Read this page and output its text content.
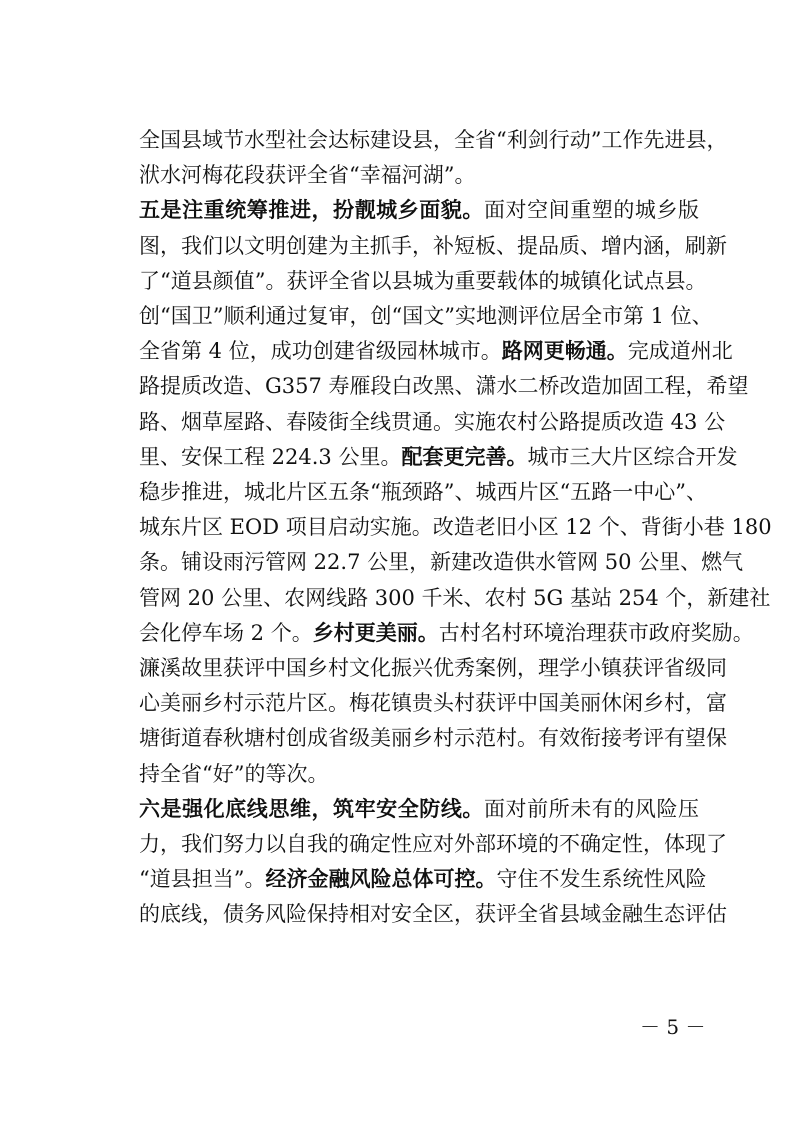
全国县域节水型社会达标建设县，全省“利剑行动”工作先进县，
洑水河梅花段获评全省“幸福河湖”。
五是注重统筹推进，扮靓城乡面貌。面对空间重塑的城乡版
图，我们以文明创建为主抓手，补短板、提品质、增内涵，刷新
了“道县颜值”。获评全省以县城为重要载体的城镇化试点县。
创“国卫”顺利通过复审，创“国文”实地测评位居全市第 1 位、
全省第 4 位，成功创建省级园林城市。路网更畅通。完成道州北
路提质改造、G357 寿雁段白改黑、潇水二桥改造加固工程，希望
路、烟草屋路、春陵街全线贯通。实施农村公路提质改造 43 公
里、安保工程 224.3 公里。配套更完善。城市三大片区综合开发
稳步推进，城北片区五条“瓶颈路”、城西片区“五路一中心”、
城东片区 EOD 项目启动实施。改造老旧小区 12 个、背街小巷 180
条。铺设雨污管网 22.7 公里，新建改造供水管网 50 公里、燃气
管网 20 公里、农网线路 300 千米、农村 5G 基站 254 个，新建社
会化停车场 2 个。乡村更美丽。古村名村环境治理获市政府奖励。
濂溪故里获评中国乡村文化振兴优秀案例，理学小镇获评省级同
心美丽乡村示范片区。梅花镇贵头村获评中国美丽休闲乡村，富
塘街道春秋塘村创成省级美丽乡村示范村。有效衔接考评有望保
持全省“好”的等次。
六是强化底线思维，筑牢安全防线。面对前所未有的风险压
力，我们努力以自我的确定性应对外部环境的不确定性，体现了
“道县担当”。经济金融风险总体可控。守住不发生系统性风险
的底线，债务风险保持相对安全区，获评全省县域金融生态评估
－ 5 －
